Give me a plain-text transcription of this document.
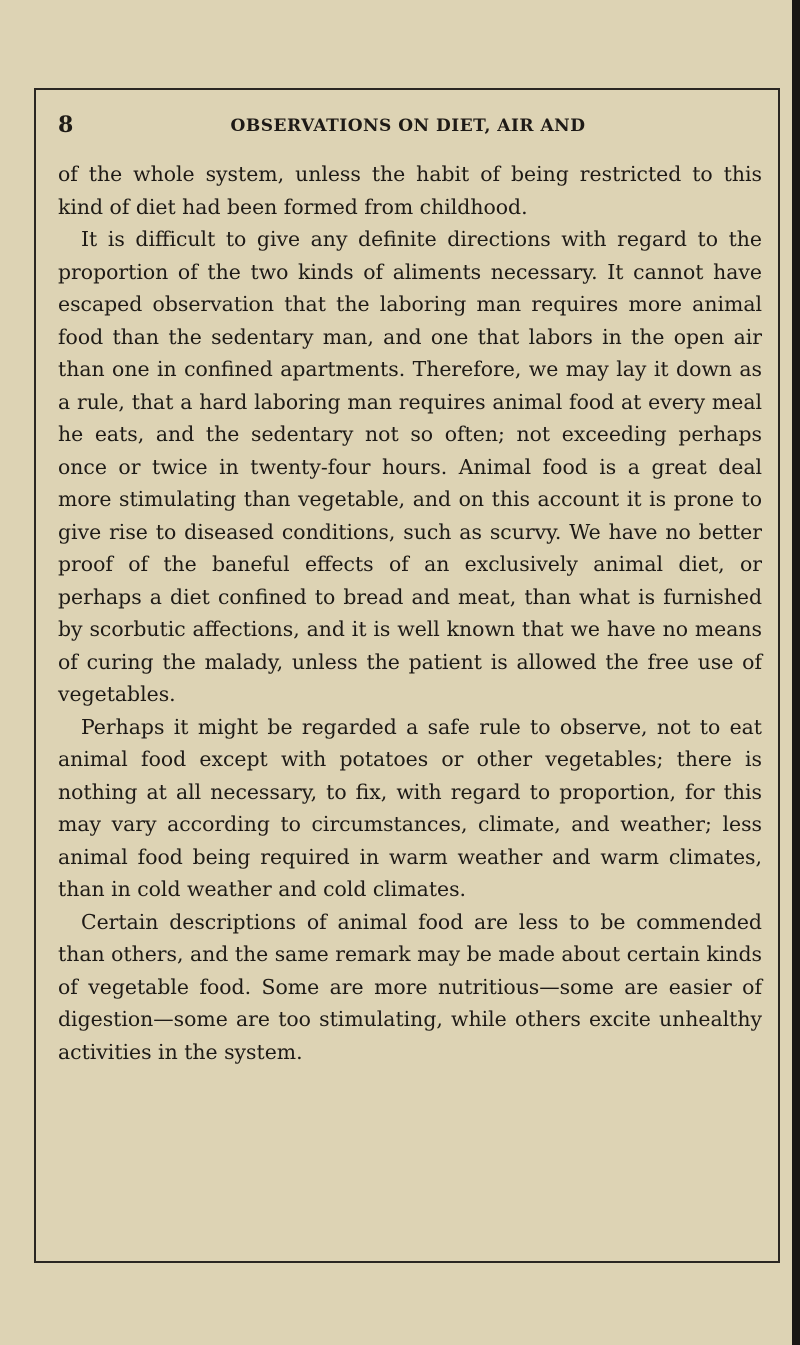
8	OBSERVATIONS ON DIET, AIR AND

of the whole system, unless the habit of being restricted to this kind of diet had been formed from childhood.

It is difficult to give any definite directions with regard to the proportion of the two kinds of aliments necessary. It cannot have escaped observation that the laboring man requires more animal food than the sedentary man, and one that labors in the open air than one in confined apartments. Therefore, we may lay it down as a rule, that a hard laboring man requires animal food at every meal he eats, and the sedentary not so often; not exceeding perhaps once or twice in twenty-four hours. Animal food is a great deal more stimulating than vegetable, and on this account it is prone to give rise to diseased conditions, such as scurvy. We have no better proof of the baneful effects of an exclusively animal diet, or perhaps a diet confined to bread and meat, than what is furnished by scorbutic affections, and it is well known that we have no means of curing the malady, unless the patient is allowed the free use of vegetables.

Perhaps it might be regarded a safe rule to observe, not to eat animal food except with potatoes or other vegetables; there is nothing at all necessary, to fix, with regard to proportion, for this may vary according to circumstances, climate, and weather; less animal food being required in warm weather and warm climates, than in cold weather and cold climates.

Certain descriptions of animal food are less to be commended than others, and the same remark may be made about certain kinds of vegetable food. Some are more nutritious—some are easier of digestion—some are too stimulating, while others excite unhealthy activities in the system.
